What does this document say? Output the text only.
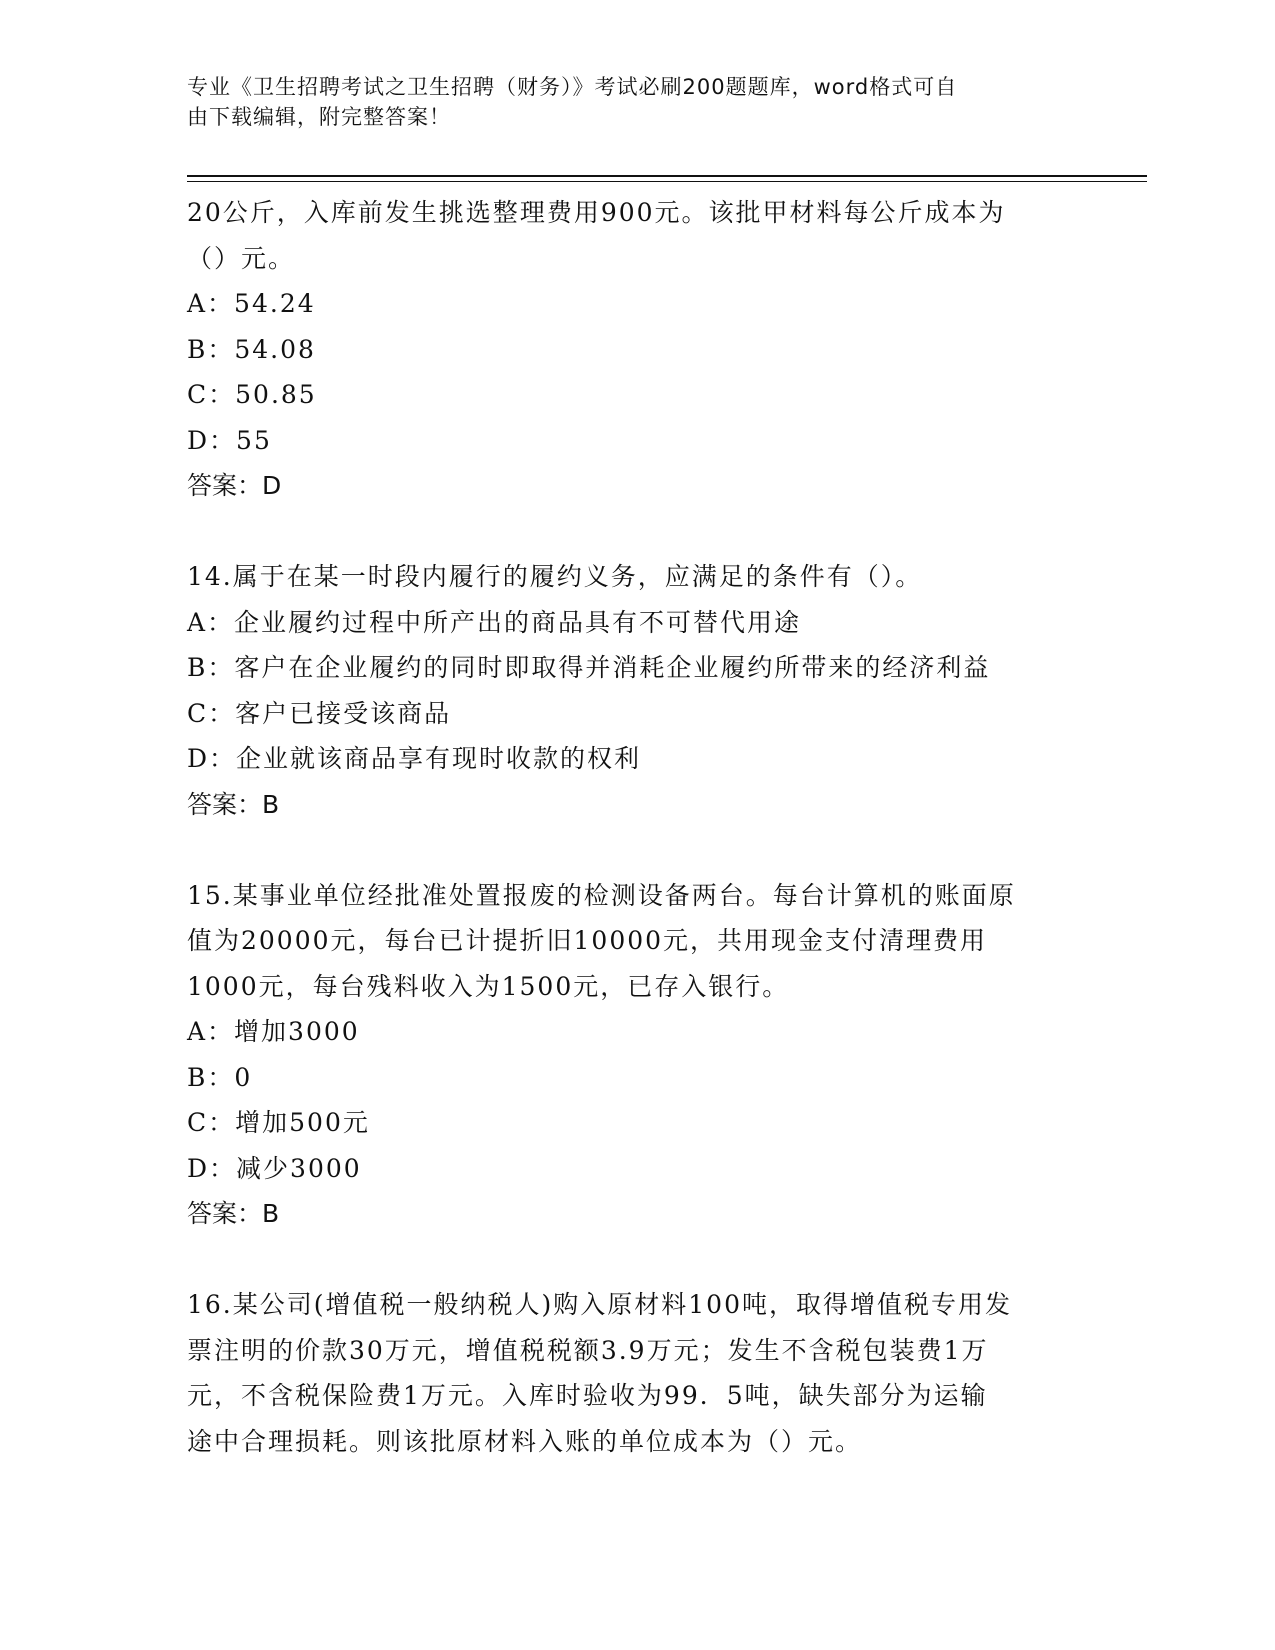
专业《卫生招聘考试之卫生招聘（财务）》考试必刷200题题库，word格式可自
由下载编辑，附完整答案！
20公斤，入库前发生挑选整理费用900元。该批甲材料每公斤成本为
（）元。
A：54.24
B：54.08
C：50.85
D：55
答案：D
14.属于在某一时段内履行的履约义务，应满足的条件有（）。
A：企业履约过程中所产出的商品具有不可替代用途
B：客户在企业履约的同时即取得并消耗企业履约所带来的经济利益
C：客户已接受该商品
D：企业就该商品享有现时收款的权利
答案：B
15.某事业单位经批准处置报废的检测设备两台。每台计算机的账面原
值为20000元，每台已计提折旧10000元，共用现金支付清理费用
1000元，每台残料收入为1500元，已存入银行。
A：增加3000
B：0
C：增加500元
D：减少3000
答案：B
16.某公司(增值税一般纳税人)购入原材料100吨，取得增值税专用发
票注明的价款30万元，增值税税额3.9万元；发生不含税包装费1万
元，不含税保险费1万元。入库时验收为99．5吨，缺失部分为运输
途中合理损耗。则该批原材料入账的单位成本为（）元。
